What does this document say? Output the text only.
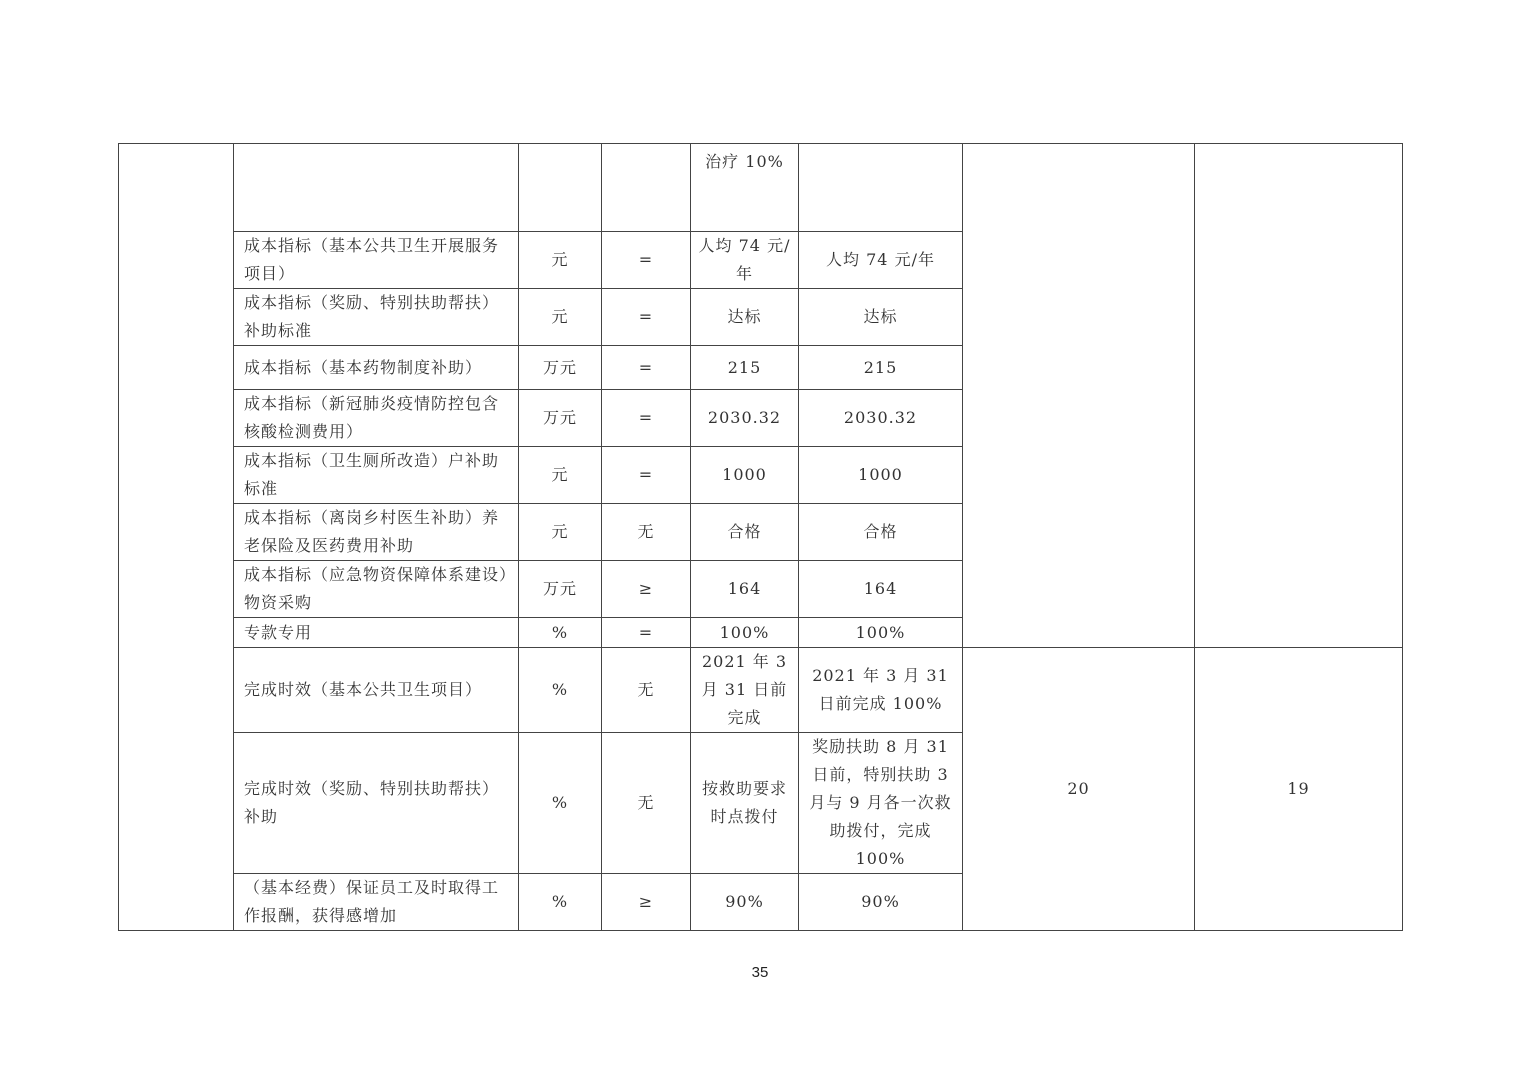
				治疗 10%			
	成本指标（基本公共卫生开展服务项目）	元	=	人均 74 元/年	人均 74 元/年		
	成本指标（奖励、特别扶助帮扶）补助标准	元	=	达标	达标		
	成本指标（基本药物制度补助）	万元	=	215	215		
	成本指标（新冠肺炎疫情防控包含核酸检测费用）	万元	=	2030.32	2030.32		
	成本指标（卫生厕所改造）户补助标准	元	=	1000	1000		
	成本指标（离岗乡村医生补助）养老保险及医药费用补助	元	无	合格	合格		
	成本指标（应急物资保障体系建设）物资采购	万元	≥	164	164		
	专款专用	%	=	100%	100%		
	完成时效（基本公共卫生项目）	%	无	2021 年 3 月 31 日前完成	2021 年 3 月 31 日前完成 100%	20	19
	完成时效（奖励、特别扶助帮扶）补助	%	无	按救助要求时点拨付	奖励扶助 8 月 31 日前，特别扶助 3 月与 9 月各一次救助拨付，完成 100%		
	（基本经费）保证员工及时取得工作报酬，获得感增加	%	≥	90%	90%		
35
